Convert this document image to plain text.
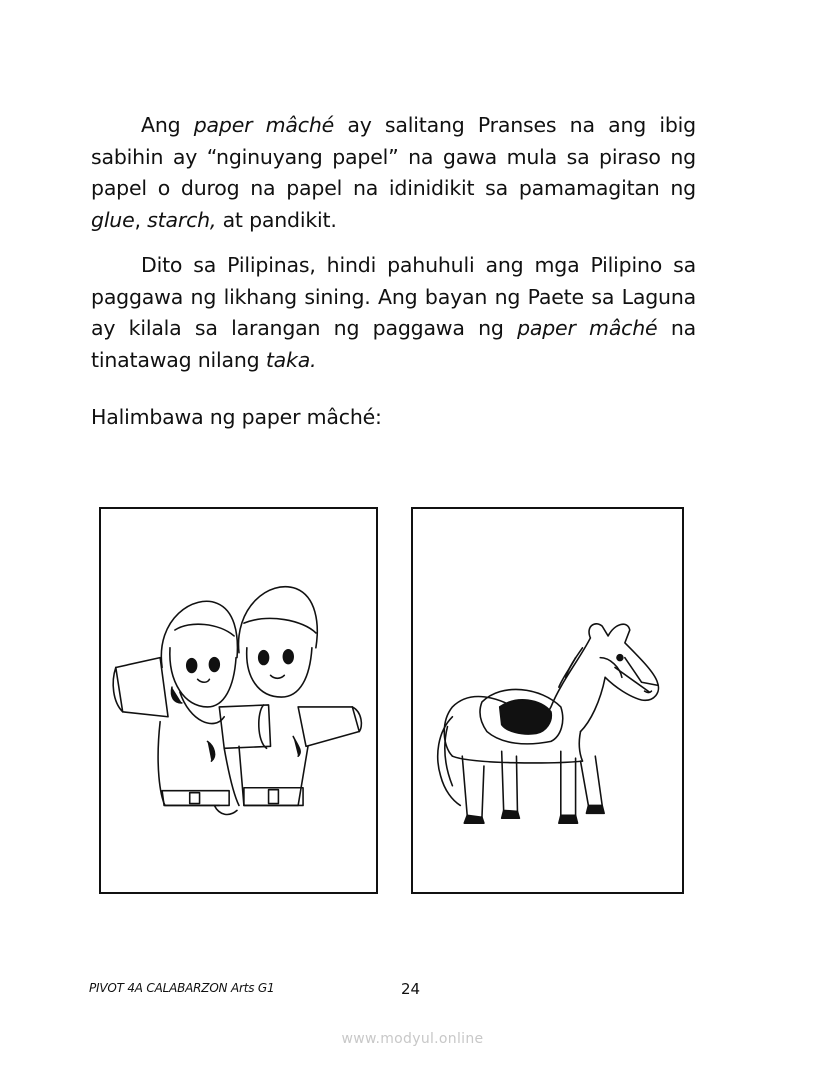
Ang paper mâché ay salitang Pranses na ang ibig sabihin ay “nginuyang papel” na gawa mula sa piraso ng papel o durog na papel na idinidikit sa pamamagitan ng glue, starch, at pandikit.

Dito sa Pilipinas, hindi pahuhuli ang mga Pilipino sa paggawa ng likhang sining. Ang bayan ng Paete sa Laguna ay kilala sa larangan ng paggawa ng paper mâché na tinatawag nilang taka.

Halimbawa ng paper mâché:

PIVOT 4A CALABARZON Arts G1	24
www.modyul.online
